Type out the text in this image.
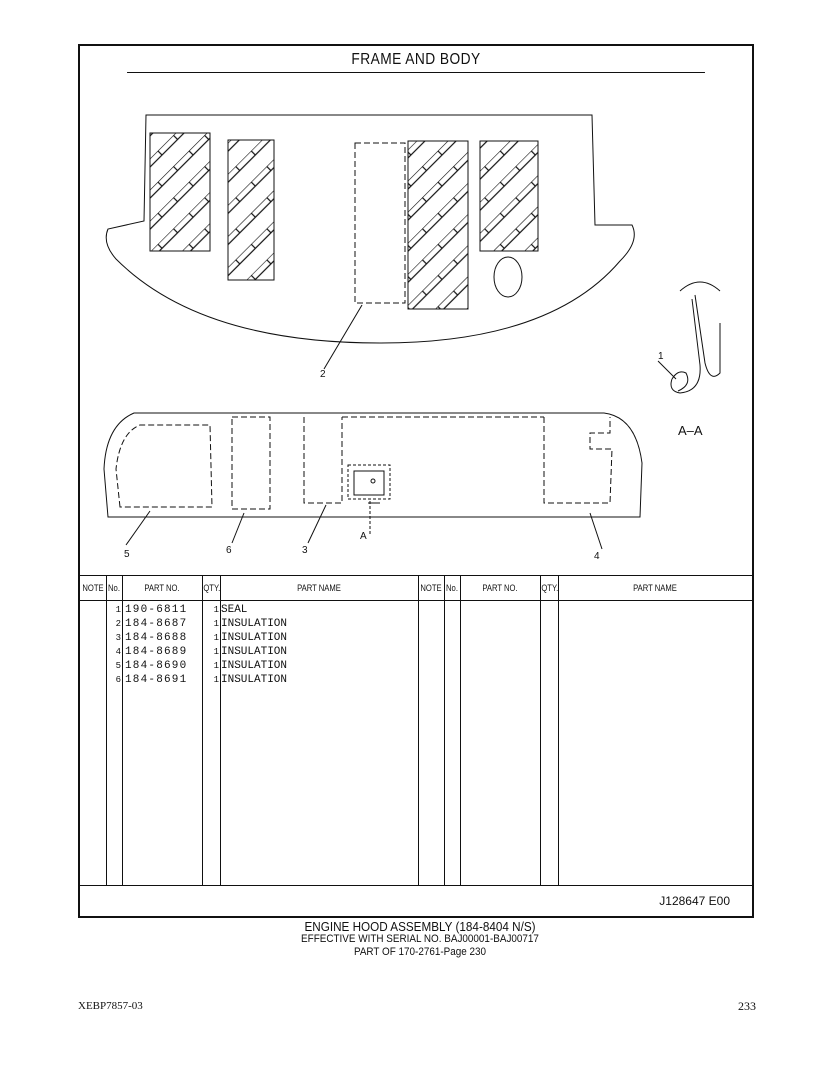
FRAME AND BODY
2
1
A–A
A
5	6	3
4
NOTE No.	PART NO.	QTY.	PART NAME	NOTE No.	PART NO.	QTY.	PART NAME
1 190-6811	1 SEAL
2 184-8687	1 INSULATION
3 184-8688	1 INSULATION
4 184-8689	1 INSULATION
5 184-8690	1 INSULATION
6 184-8691	1 INSULATION
J128647 E00
ENGINE HOOD ASSEMBLY (184-8404 N/S)
EFFECTIVE WITH SERIAL NO. BAJ00001-BAJ00717
PART OF 170-2761-Page 230
XEBP7857-03	233
